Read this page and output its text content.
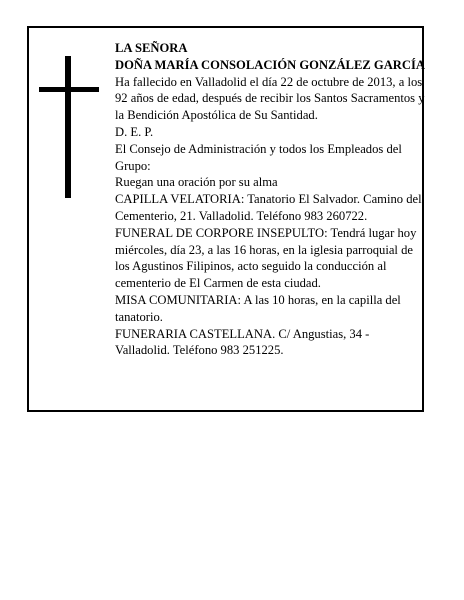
LA SEÑORA
DOÑA MARÍA CONSOLACIÓN GONZÁLEZ GARCÍA
Ha fallecido en Valladolid el día 22 de octubre de 2013, a los 92 años de edad, después de recibir los Santos Sacramentos y la Bendición Apostólica de Su Santidad.
D. E. P.
El Consejo de Administración y todos los Empleados del Grupo:
Ruegan una oración por su alma
CAPILLA VELATORIA: Tanatorio El Salvador. Camino del Cementerio, 21. Valladolid. Teléfono 983 260722.
FUNERAL DE CORPORE INSEPULTO: Tendrá lugar hoy miércoles, día 23, a las 16 horas, en la iglesia parroquial de los Agustinos Filipinos, acto seguido la conducción al cementerio de El Carmen de esta ciudad.
MISA COMUNITARIA: A las 10 horas, en la capilla del tanatorio.
FUNERARIA CASTELLANA. C/ Angustias, 34 - Valladolid. Teléfono 983 251225.
